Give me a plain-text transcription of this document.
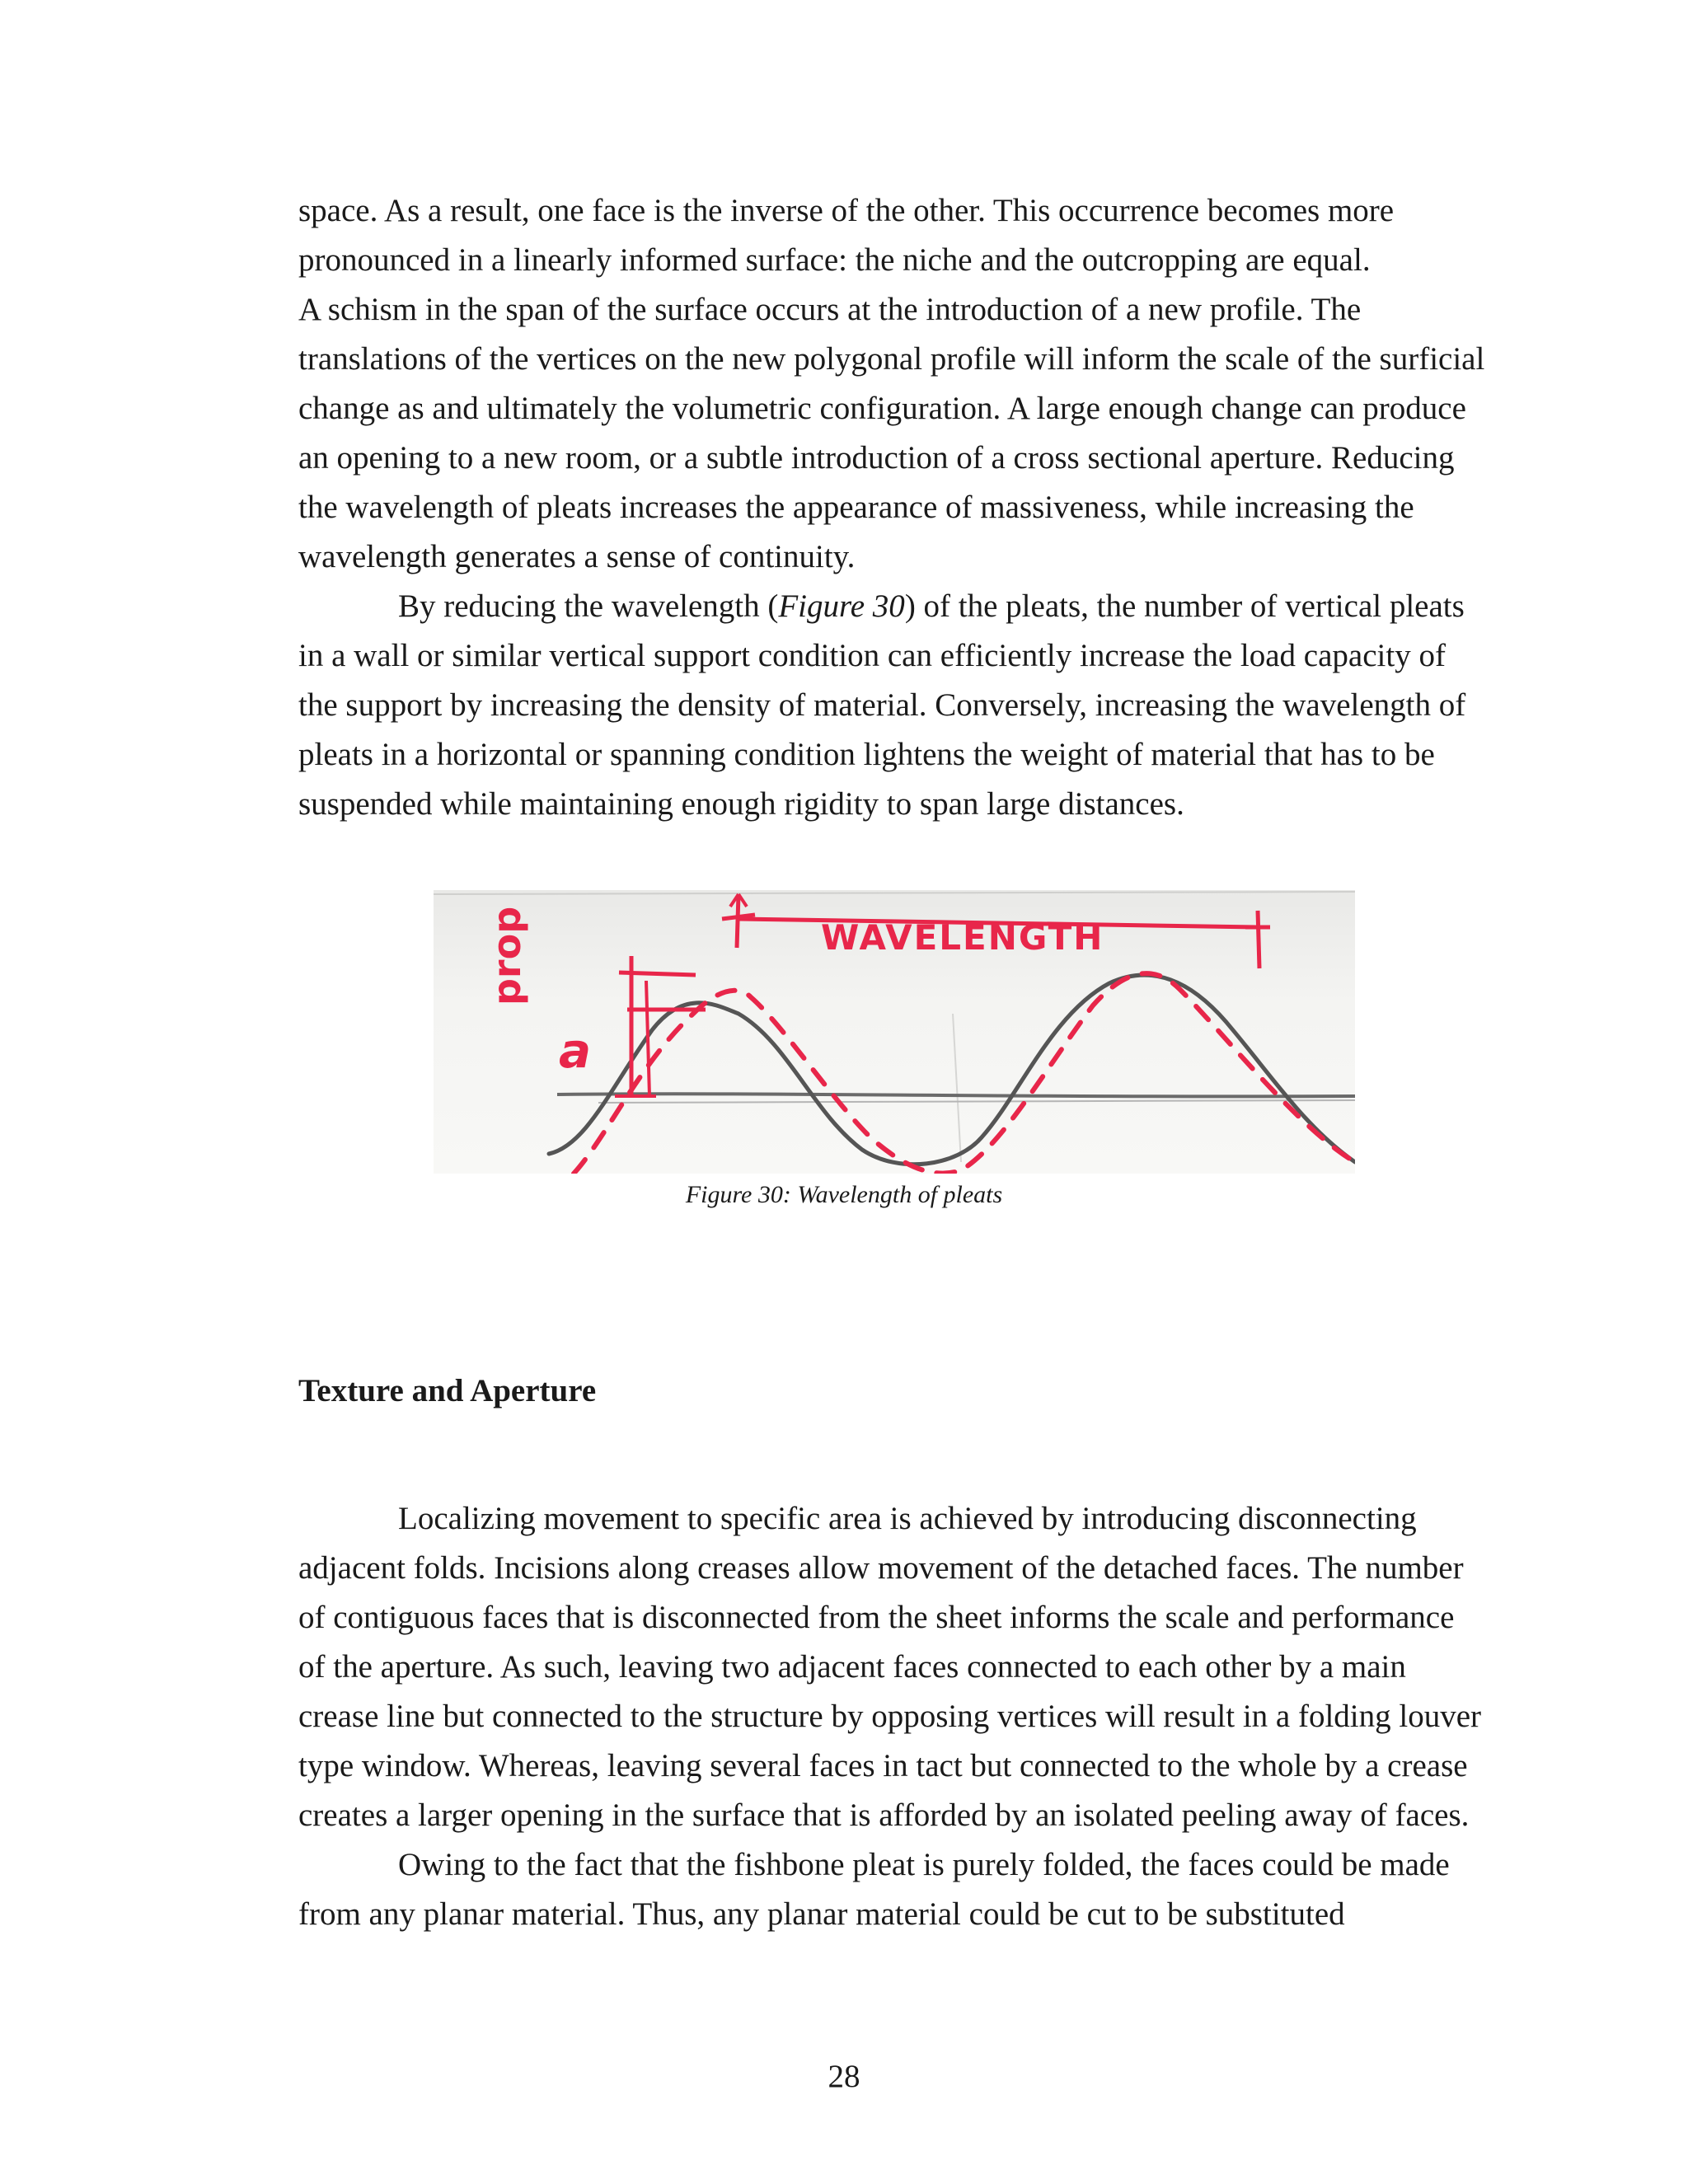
space. As a result, one face is the inverse of the other. This occurrence becomes more pronounced in a linearly informed surface: the niche and the outcropping are equal.

A schism in the span of the surface occurs at the introduction of a new profile. The translations of the vertices on the new polygonal profile will inform the scale of the surficial change as and ultimately the volumetric configuration. A large enough change can produce an opening to a new room, or a subtle introduction of a cross sectional aperture. Reducing the wavelength of pleats increases the appearance of massiveness, while increasing the wavelength generates a sense of continuity.

By reducing the wavelength (Figure 30) of the pleats, the number of vertical pleats in a wall or similar vertical support condition can efficiently increase the load capacity of the support by increasing the density of material. Conversely, increasing the wavelength of pleats in a horizontal or spanning condition lightens the weight of material that has to be suspended while maintaining enough rigidity to span large distances.

WAVELENGTH
prop
a
Figure 30: Wavelength of pleats
Texture and Aperture

Localizing movement to specific area is achieved by introducing disconnecting adjacent folds. Incisions along creases allow movement of the detached faces. The number of contiguous faces that is disconnected from the sheet informs the scale and performance of the aperture. As such, leaving two adjacent faces connected to each other by a main crease line but connected to the structure by opposing vertices will result in a folding louver type window. Whereas, leaving several faces in tact but connected to the whole by a crease creates a larger opening in the surface that is afforded by an isolated peeling away of faces.

Owing to the fact that the fishbone pleat is purely folded, the faces could be made from any planar material. Thus, any planar material could be cut to be substituted

28
